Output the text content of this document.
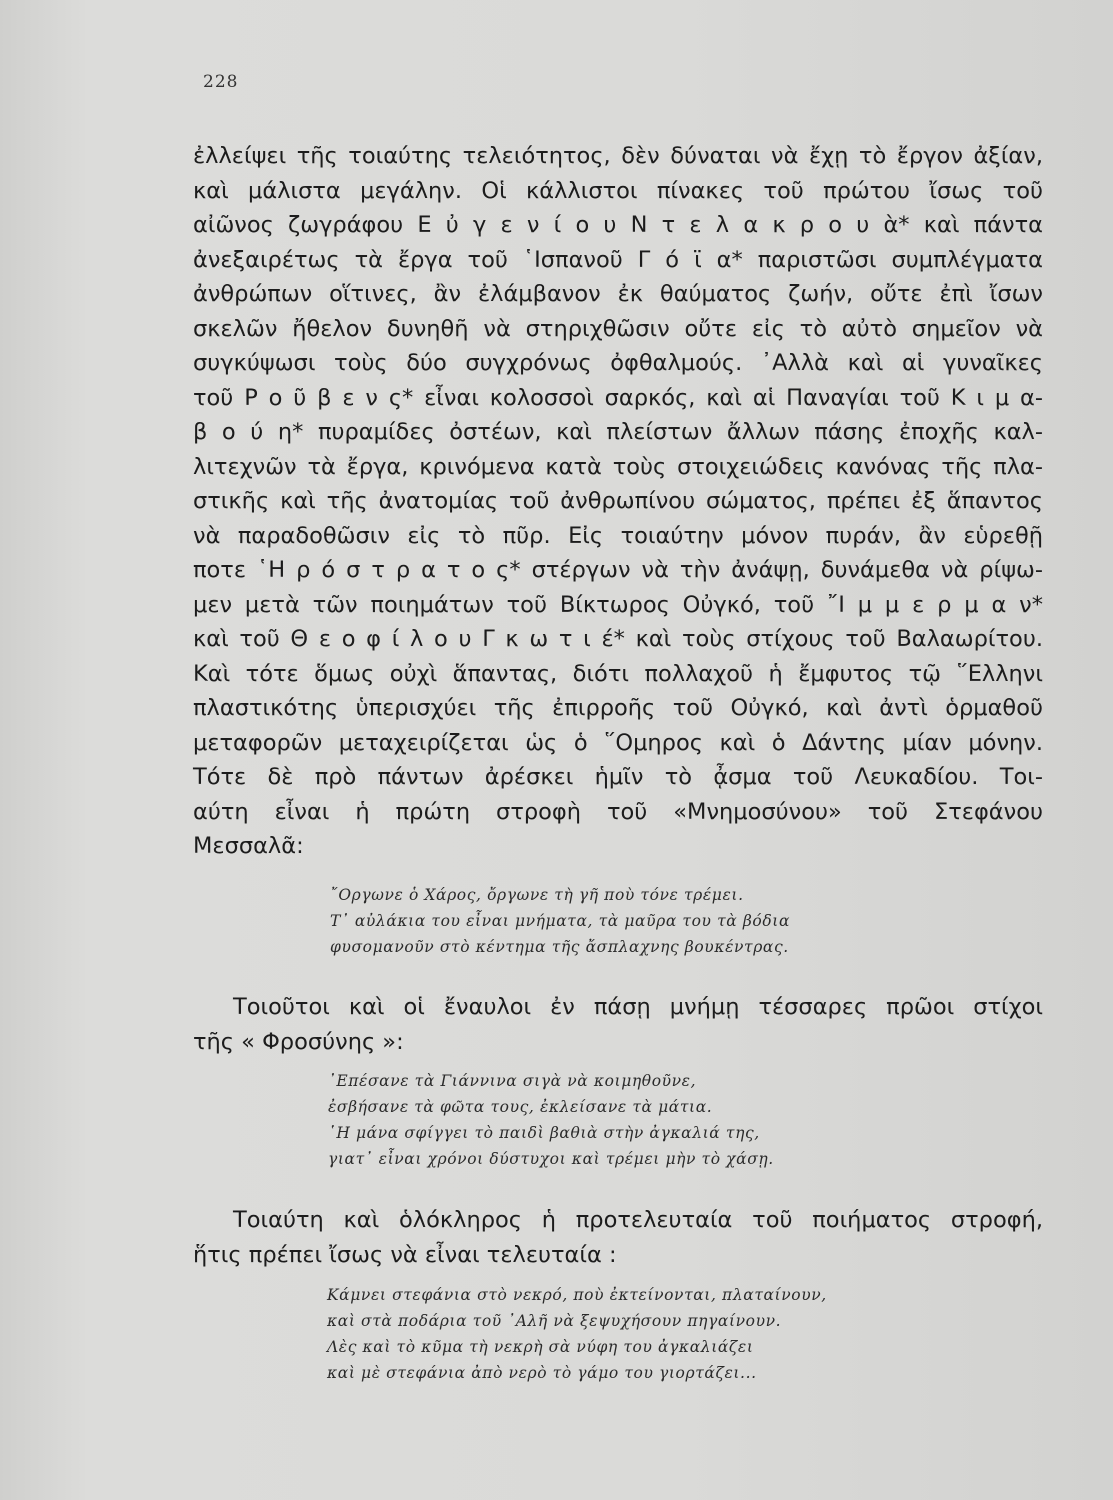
228
ἐλλείψει τῆς τοιαύτης τελειότητος, δὲν δύναται νὰ ἔχῃ τὸ ἔργον ἀξίαν,
καὶ μάλιστα μεγάλην. Οἱ κάλλιστοι πίνακες τοῦ πρώτου ἴσως τοῦ
αἰῶνος ζωγράφου Ε ὐ γ ε ν ί ο υ Ν τ ε λ α κ ρ ο υ ὰ* καὶ πάντα
ἀνεξαιρέτως τὰ ἔργα τοῦ ῾Ισπανοῦ Γ ό ϊ α* παριστῶσι συμπλέγματα
ἀνθρώπων οἵτινες, ἂν ἐλάμβανον ἐκ θαύματος ζωήν, οὔτε ἐπὶ ἴσων
σκελῶν ἤθελον δυνηθῆ νὰ στηριχθῶσιν οὔτε εἰς τὸ αὐτὸ σημεῖον νὰ
συγκύψωσι τοὺς δύο συγχρόνως ὀφθαλμούς. ᾿Αλλὰ καὶ αἱ γυναῖκες
τοῦ Ρ ο ῦ β ε ν ς* εἶναι κολοσσοὶ σαρκός, καὶ αἱ Παναγίαι τοῦ Κ ι μ α-
β ο ύ η* πυραμίδες ὀστέων, καὶ πλείστων ἄλλων πάσης ἐποχῆς καλ-
λιτεχνῶν τὰ ἔργα, κρινόμενα κατὰ τοὺς στοιχειώδεις κανόνας τῆς πλα-
στικῆς καὶ τῆς ἀνατομίας τοῦ ἀνθρωπίνου σώματος, πρέπει ἐξ ἅπαντος
νὰ παραδοθῶσιν εἰς τὸ πῦρ. Εἰς τοιαύτην μόνον πυράν, ἂν εὑρεθῇ
ποτε ῾Η ρ ό σ τ ρ α τ ο ς* στέργων νὰ τὴν ἀνάψῃ, δυνάμεθα νὰ ρίψω-
μεν μετὰ τῶν ποιημάτων τοῦ Βίκτωρος Οὐγκό, τοῦ ῎Ι μ μ ε ρ μ α ν*
καὶ τοῦ Θ ε ο φ ί λ ο υ Γ κ ω τ ι έ* καὶ τοὺς στίχους τοῦ Βαλαωρίτου.
Καὶ τότε ὅμως οὐχὶ ἅπαντας, διότι πολλαχοῦ ἡ ἔμφυτος τῷ ῞Ελληνι
πλαστικότης ὑπερισχύει τῆς ἐπιρροῆς τοῦ Οὐγκό, καὶ ἀντὶ ὁρμαθοῦ
μεταφορῶν μεταχειρίζεται ὡς ὁ ῞Ομηρος καὶ ὁ Δάντης μίαν μόνην.
Τότε δὲ πρὸ πάντων ἀρέσκει ἡμῖν τὸ ᾆσμα τοῦ Λευκαδίου. Τοι-
αύτη εἶναι ἡ πρώτη στροφὴ τοῦ «Μνημοσύνου» τοῦ Στεφάνου
Μεσσαλᾶ:
῎Οργωνε ὁ Χάρος, ὄργωνε τὴ γῆ ποὺ τόνε τρέμει.
Τ᾿ αὐλάκια του εἶναι μνήματα, τὰ μαῦρα του τὰ βόδια
φυσομανοῦν στὸ κέντημα τῆς ἄσπλαχνης βουκέντρας.
Τοιοῦτοι καὶ οἱ ἔναυλοι ἐν πάσῃ μνήμῃ τέσσαρες πρῶοι στίχοι
τῆς « Φροσύνης »:
᾿Επέσανε τὰ Γιάννινα σιγὰ νὰ κοιμηθοῦνε,
ἐσβήσανε τὰ φῶτα τους, ἐκλείσανε τὰ μάτια.
῾Η μάνα σφίγγει τὸ παιδὶ βαθιὰ στὴν ἀγκαλιά της,
γιατ᾿ εἶναι χρόνοι δύστυχοι καὶ τρέμει μὴν τὸ χάσῃ.
Τοιαύτη καὶ ὁλόκληρος ἡ προτελευταία τοῦ ποιήματος στροφή,
ἥτις πρέπει ἴσως νὰ εἶναι τελευταία :
Κάμνει στεφάνια στὸ νεκρό, ποὺ ἐκτείνονται, πλαταίνουν,
καὶ στὰ ποδάρια τοῦ ᾿Αλῆ νὰ ξεψυχήσουν πηγαίνουν.
Λὲς καὶ τὸ κῦμα τὴ νεκρὴ σὰ νύφη του ἀγκαλιάζει
καὶ μὲ στεφάνια ἀπὸ νερὸ τὸ γάμο του γιορτάζει...
